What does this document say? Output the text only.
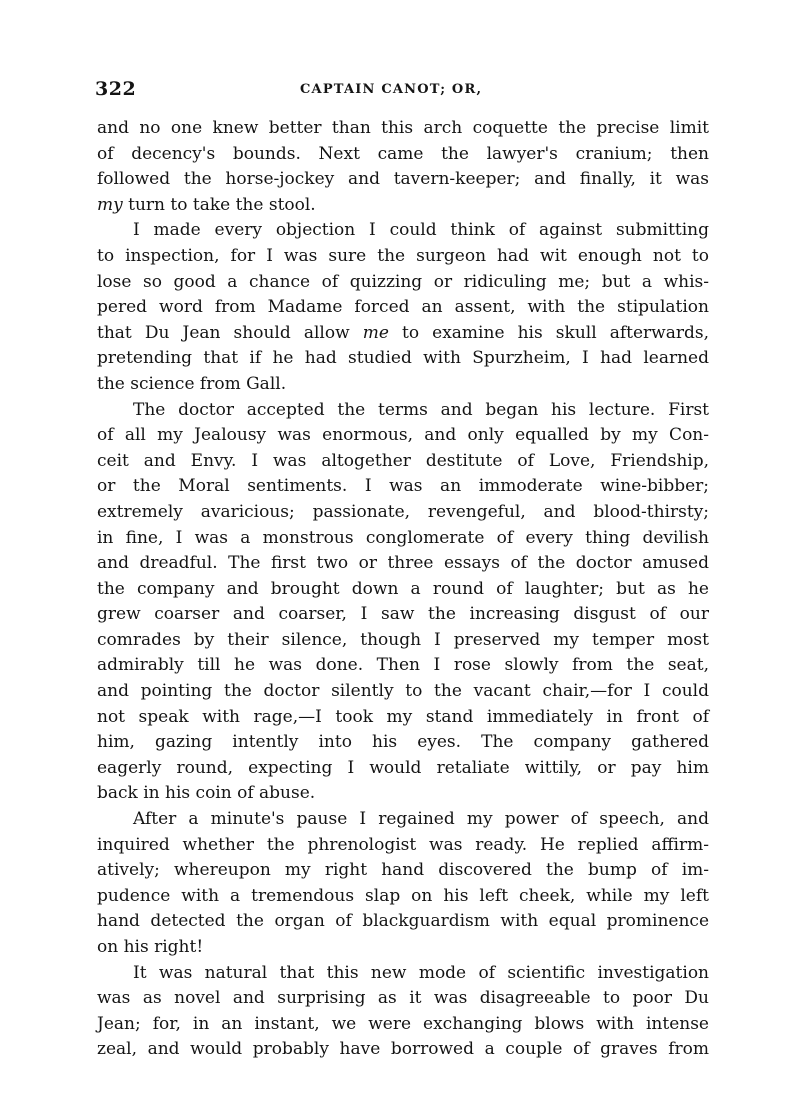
322	CAPTAIN CANOT; OR,
and no one knew better than this arch coquette the precise limit
of decency's bounds. Next came the lawyer's cranium; then
followed the horse-jockey and tavern-keeper; and finally, it was
my turn to take the stool.
I made every objection I could think of against submitting
to inspection, for I was sure the surgeon had wit enough not to
lose so good a chance of quizzing or ridiculing me; but a whis-
pered word from Madame forced an assent, with the stipulation
that Du Jean should allow me to examine his skull afterwards,
pretending that if he had studied with Spurzheim, I had learned
the science from Gall.
The doctor accepted the terms and began his lecture. First
of all my Jealousy was enormous, and only equalled by my Con-
ceit and Envy. I was altogether destitute of Love, Friendship,
or the Moral sentiments. I was an immoderate wine-bibber;
extremely avaricious; passionate, revengeful, and blood-thirsty;
in fine, I was a monstrous conglomerate of every thing devilish
and dreadful. The first two or three essays of the doctor amused
the company and brought down a round of laughter; but as he
grew coarser and coarser, I saw the increasing disgust of our
comrades by their silence, though I preserved my temper most
admirably till he was done. Then I rose slowly from the seat,
and pointing the doctor silently to the vacant chair,—for I could
not speak with rage,—I took my stand immediately in front of
him, gazing intently into his eyes. The company gathered
eagerly round, expecting I would retaliate wittily, or pay him
back in his coin of abuse.
After a minute's pause I regained my power of speech, and
inquired whether the phrenologist was ready. He replied affirm-
atively; whereupon my right hand discovered the bump of im-
pudence with a tremendous slap on his left cheek, while my left
hand detected the organ of blackguardism with equal prominence
on his right!
It was natural that this new mode of scientific investigation
was as novel and surprising as it was disagreeable to poor Du
Jean; for, in an instant, we were exchanging blows with intense
zeal, and would probably have borrowed a couple of graves from
